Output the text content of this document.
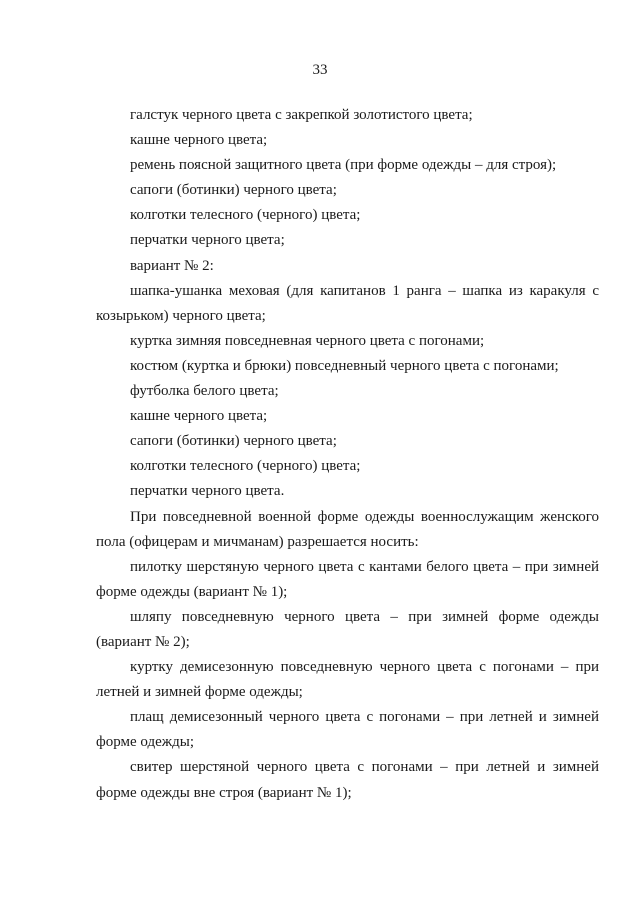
33

галстук черного цвета с закрепкой золотистого цвета;

кашне черного цвета;

ремень поясной защитного цвета (при форме одежды – для строя);

сапоги (ботинки) черного цвета;

колготки телесного (черного) цвета;

перчатки черного цвета;

вариант № 2:

шапка-ушанка меховая (для капитанов 1 ранга – шапка из каракуля с козырьком) черного цвета;

куртка зимняя повседневная черного цвета с погонами;

костюм (куртка и брюки) повседневный черного цвета с погонами;

футболка белого цвета;

кашне черного цвета;

сапоги (ботинки) черного цвета;

колготки телесного (черного) цвета;

перчатки черного цвета.

При повседневной военной форме одежды военнослужащим женского пола (офицерам и мичманам) разрешается носить:

пилотку шерстяную черного цвета с кантами белого цвета – при зимней форме одежды (вариант № 1);

шляпу повседневную черного цвета – при зимней форме одежды (вариант № 2);

куртку демисезонную повседневную черного цвета с погонами – при летней и зимней форме одежды;

плащ демисезонный черного цвета с погонами – при летней и зимней форме одежды;

свитер шерстяной черного цвета с погонами – при летней и зимней форме одежды вне строя (вариант № 1);
